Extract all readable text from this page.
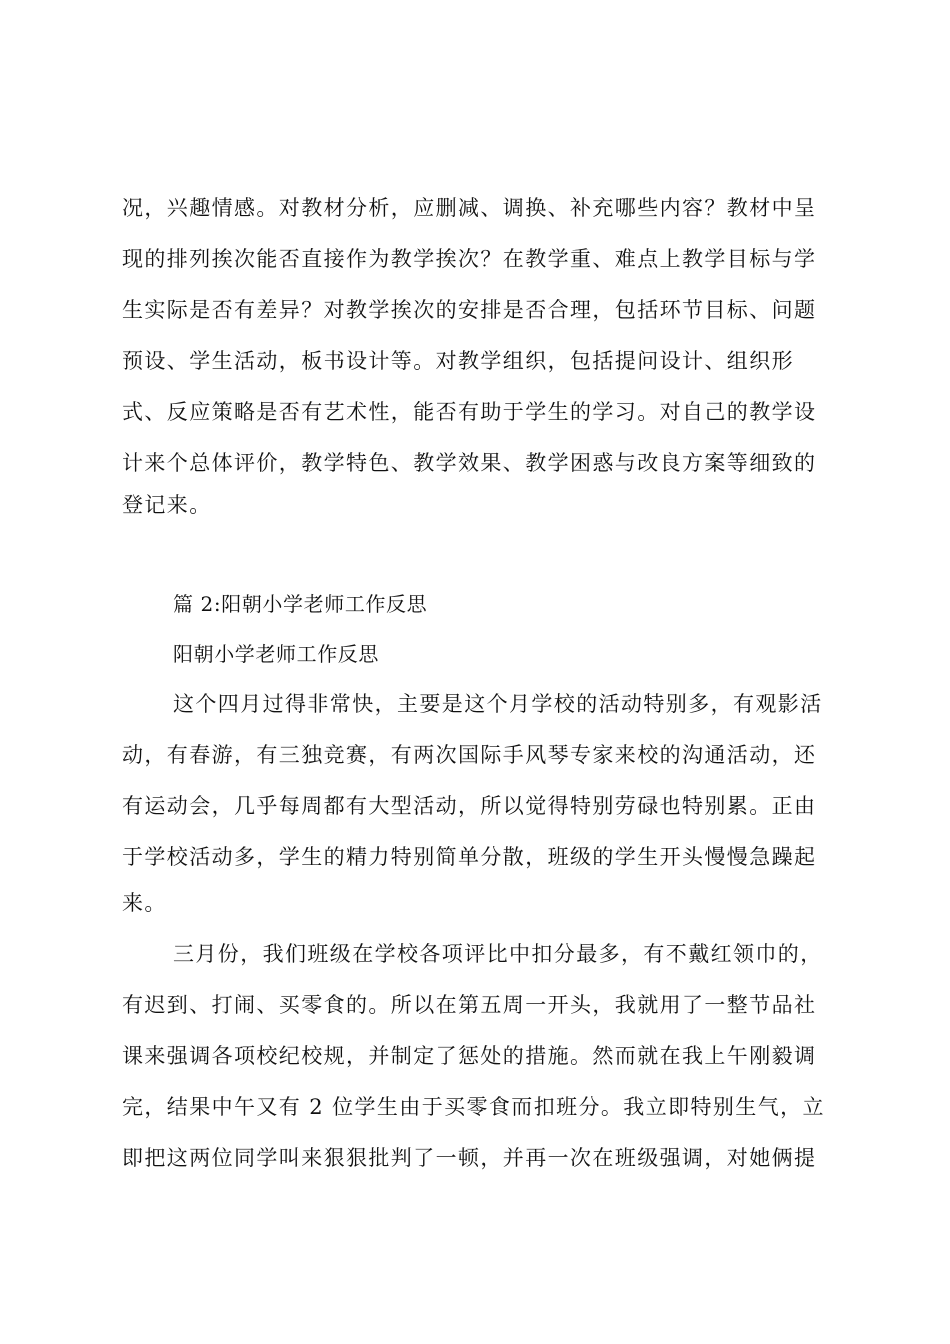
况，兴趣情感。对教材分析，应删减、调换、补充哪些内容？教材中呈
现的排列挨次能否直接作为教学挨次？在教学重、难点上教学目标与学
生实际是否有差异？对教学挨次的安排是否合理，包括环节目标、问题
预设、学生活动，板书设计等。对教学组织，包括提问设计、组织形
式、反应策略是否有艺术性，能否有助于学生的学习。对自己的教学设
计来个总体评价，教学特色、教学效果、教学困惑与改良方案等细致的
登记来。
篇 2:阳朝小学老师工作反思
阳朝小学老师工作反思
这个四月过得非常快，主要是这个月学校的活动特别多，有观影活
动，有春游，有三独竞赛，有两次国际手风琴专家来校的沟通活动，还
有运动会，几乎每周都有大型活动，所以觉得特别劳碌也特别累。正由
于学校活动多，学生的精力特别简单分散，班级的学生开头慢慢急躁起
来。
三月份，我们班级在学校各项评比中扣分最多，有不戴红领巾的，
有迟到、打闹、买零食的。所以在第五周一开头，我就用了一整节品社
课来强调各项校纪校规，并制定了惩处的措施。然而就在我上午刚毅调
完，结果中午又有 2 位学生由于买零食而扣班分。我立即特别生气，立
即把这两位同学叫来狠狠批判了一顿，并再一次在班级强调，对她俩提
